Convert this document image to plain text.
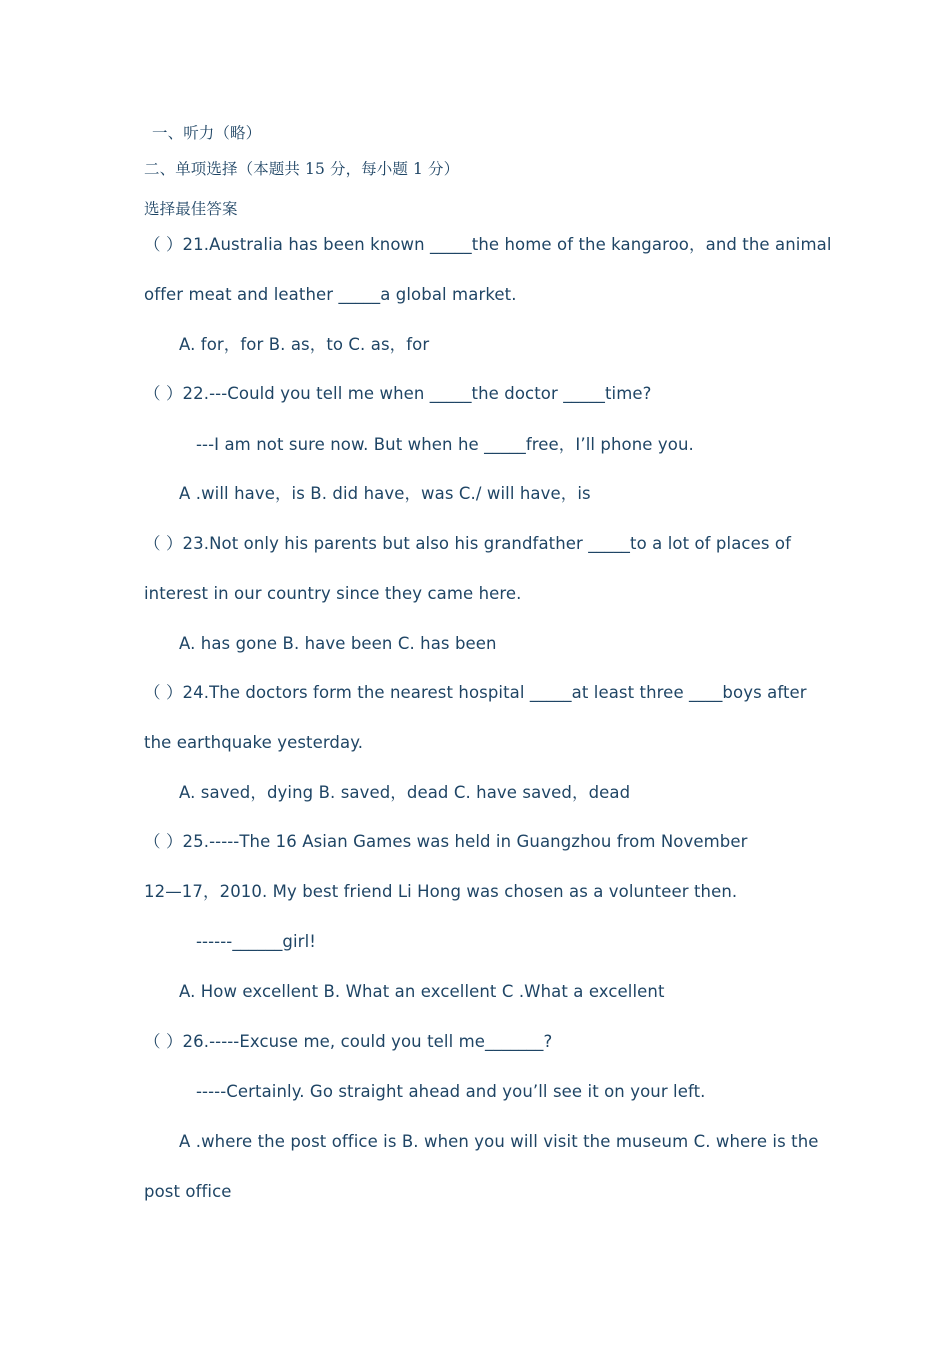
一、听力（略）
二、单项选择（本题共 15 分，每小题 1 分）
选择最佳答案
（ ）21.Australia has been known _____the home of the kangaroo，and the animal
offer meat and leather _____a global market.
A. for，for B. as，to C. as，for
（ ）22.---Could you tell me when _____the doctor _____time?
---I am not sure now. But when he _____free，I’ll phone you.
A .will have，is B. did have，was C./ will have，is
（ ）23.Not only his parents but also his grandfather _____to a lot of places of
interest in our country since they came here.
A. has gone B. have been C. has been
（ ）24.The doctors form the nearest hospital _____at least three ____boys after
the earthquake yesterday.
A. saved，dying B. saved，dead C. have saved，dead
（ ）25.-----The 16 Asian Games was held in Guangzhou from November
12—17，2010. My best friend Li Hong was chosen as a volunteer then.
------______girl!
A. How excellent B. What an excellent C .What a excellent
（ ）26.-----Excuse me, could you tell me_______?
-----Certainly. Go straight ahead and you’ll see it on your left.
A .where the post office is B. when you will visit the museum C. where is the
post office
